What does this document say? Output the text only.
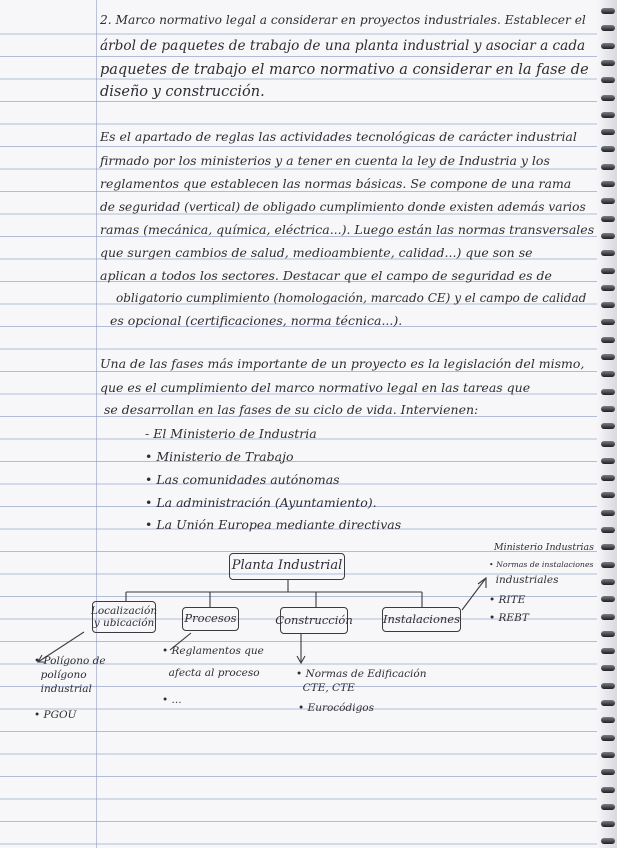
2. Marco normativo legal a considerar en proyectos industriales. Establecer el
árbol de paquetes de trabajo de una planta industrial y asociar a cada
paquetes de trabajo el marco normativo a considerar en la fase de
diseño y construcción.
Es el apartado de reglas las actividades tecnológicas de carácter industrial
firmado por los ministerios y a tener en cuenta la ley de Industria y los
reglamentos que establecen las normas básicas. Se compone de una rama
de seguridad (vertical) de obligado cumplimiento donde existen además varios
ramas (mecánica, química, eléctrica...). Luego están las normas transversales
que surgen cambios de salud, medioambiente, calidad...) que son se
aplican a todos los sectores. Destacar que el campo de seguridad es de
obligatorio cumplimiento (homologación, marcado CE) y el campo de calidad
es opcional (certificaciones, norma técnica...).
Una de las fases más importante de un proyecto es la legislación del mismo,
que es el cumplimiento del marco normativo legal en las tareas que
se desarrollan en las fases de su ciclo de vida. Intervienen:
- El Ministerio de Industria
• Ministerio de Trabajo
• Las comunidades autónomas
• La administración (Ayuntamiento).
• La Unión Europea mediante directivas
Planta Industrial
Localización y ubicación	Procesos	Construcción	Instalaciones
Ministerio Industrias
• Normas de instalaciones
industriales
• RITE
• REBT
• Polígono de
polígono
industrial
• PGOU
• Reglamentos que
afecta al proceso
• ...
• Normas de Edificación
CTE, CTE
• Eurocódigos
